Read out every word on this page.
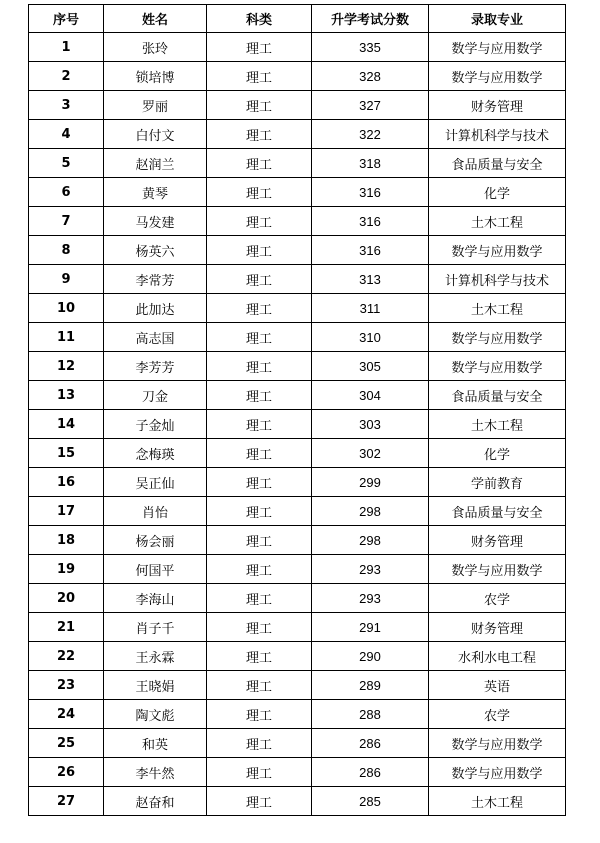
序号	姓名	科类	升学考试分数	录取专业
1	张玲	理工	335	数学与应用数学
2	锁培博	理工	328	数学与应用数学
3	罗丽	理工	327	财务管理
4	白付文	理工	322	计算机科学与技术
5	赵润兰	理工	318	食品质量与安全
6	黄琴	理工	316	化学
7	马发建	理工	316	土木工程
8	杨英六	理工	316	数学与应用数学
9	李常芳	理工	313	计算机科学与技术
10	此加达	理工	311	土木工程
11	高志国	理工	310	数学与应用数学
12	李芳芳	理工	305	数学与应用数学
13	刀金	理工	304	食品质量与安全
14	子金灿	理工	303	土木工程
15	念梅瑛	理工	302	化学
16	吴正仙	理工	299	学前教育
17	肖怡	理工	298	食品质量与安全
18	杨会丽	理工	298	财务管理
19	何国平	理工	293	数学与应用数学
20	李海山	理工	293	农学
21	肖子千	理工	291	财务管理
22	王永霖	理工	290	水利水电工程
23	王晓娟	理工	289	英语
24	陶文彪	理工	288	农学
25	和英	理工	286	数学与应用数学
26	李牛然	理工	286	数学与应用数学
27	赵奋和	理工	285	土木工程
